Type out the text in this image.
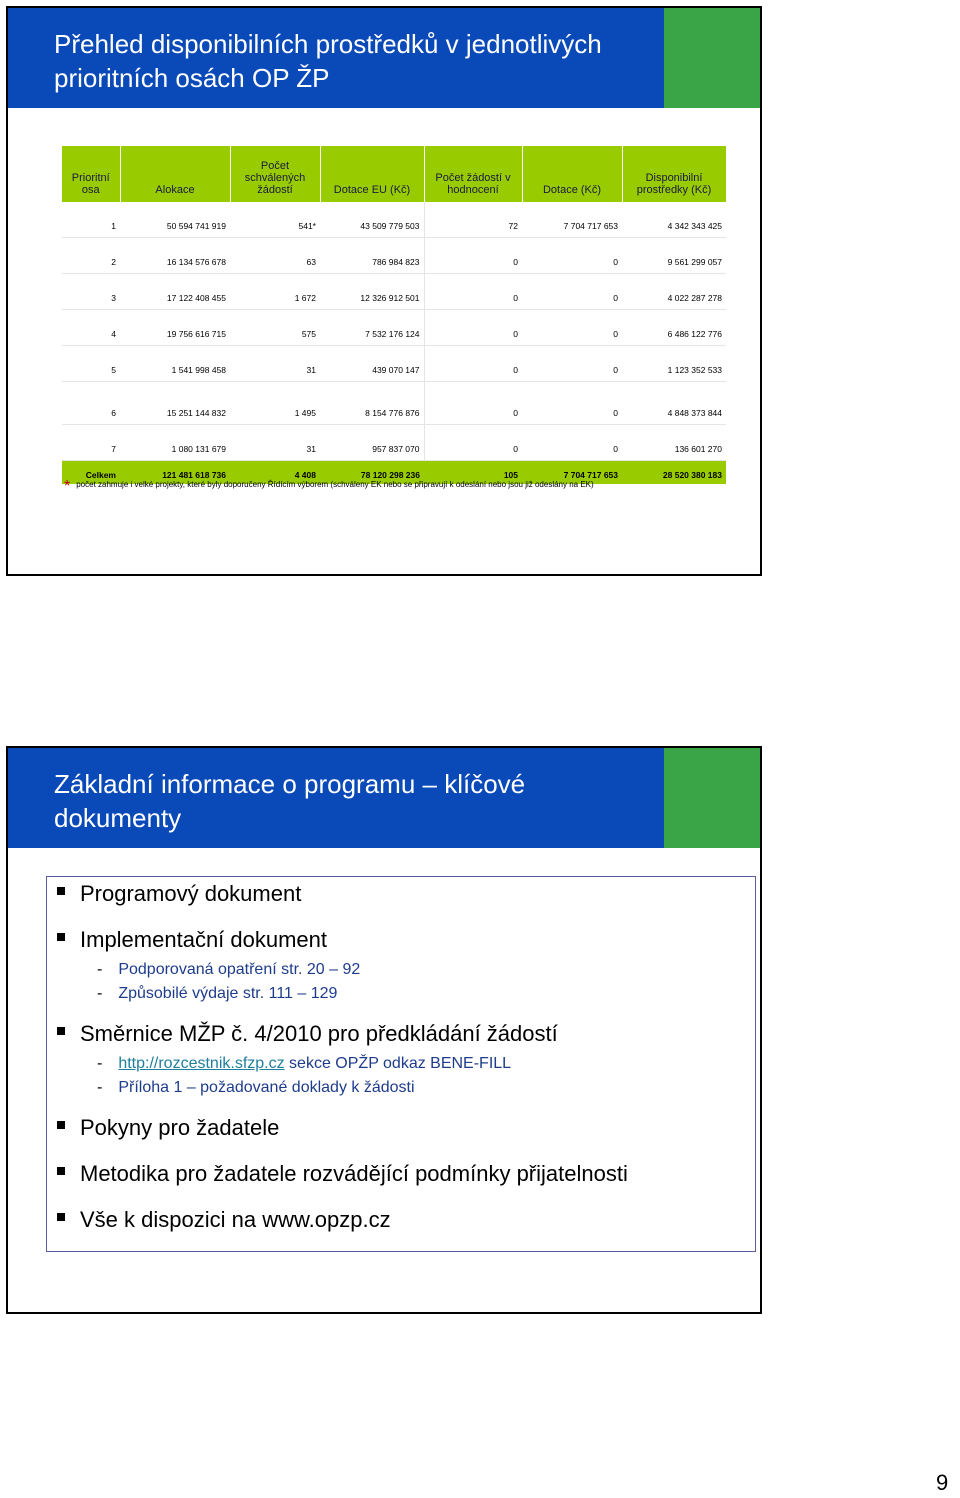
Přehled disponibilních prostředků v jednotlivých
prioritních osách OP ŽP
Prioritní osa	Alokace	Počet schválených žádostí	Dotace EU (Kč)	Počet žádostí v hodnocení	Dotace (Kč)	Disponibilní prostředky (Kč)
1	50 594 741 919	541*	43 509 779 503	72	7 704 717 653	4 342 343 425
2	16 134 576 678	63	786 984 823	0	0	9 561 299 057
3	17 122 408 455	1 672	12 326 912 501	0	0	4 022 287 278
4	19 756 616 715	575	7 532 176 124	0	0	6 486 122 776
5	1 541 998 458	31	439 070 147	0	0	1 123 352 533
6	15 251 144 832	1 495	8 154 776 876	0	0	4 848 373 844
7	1 080 131 679	31	957 837 070	0	0	136 601 270
Celkem	121 481 618 736	4 408	78 120 298 236	105	7 704 717 653	28 520 380 183
* počet zahmuje i velké projekty, které byly doporučeny Řídícím výborem (schváleny EK nebo se připravují k odeslání nebo jsou již odeslány na EK)
Základní informace o programu – klíčové
dokumenty
Programový dokument
Implementační dokument
- Podporovaná opatření str. 20 – 92
- Způsobilé výdaje str. 111 – 129
Směrnice MŽP č. 4/2010 pro předkládání žádostí
- http://rozcestnik.sfzp.cz sekce OPŽP odkaz BENE-FILL
- Příloha 1 – požadované doklady k žádosti
Pokyny pro žadatele
Metodika pro žadatele rozvádějící podmínky přijatelnosti
Vše k dispozici na www.opzp.cz
9
